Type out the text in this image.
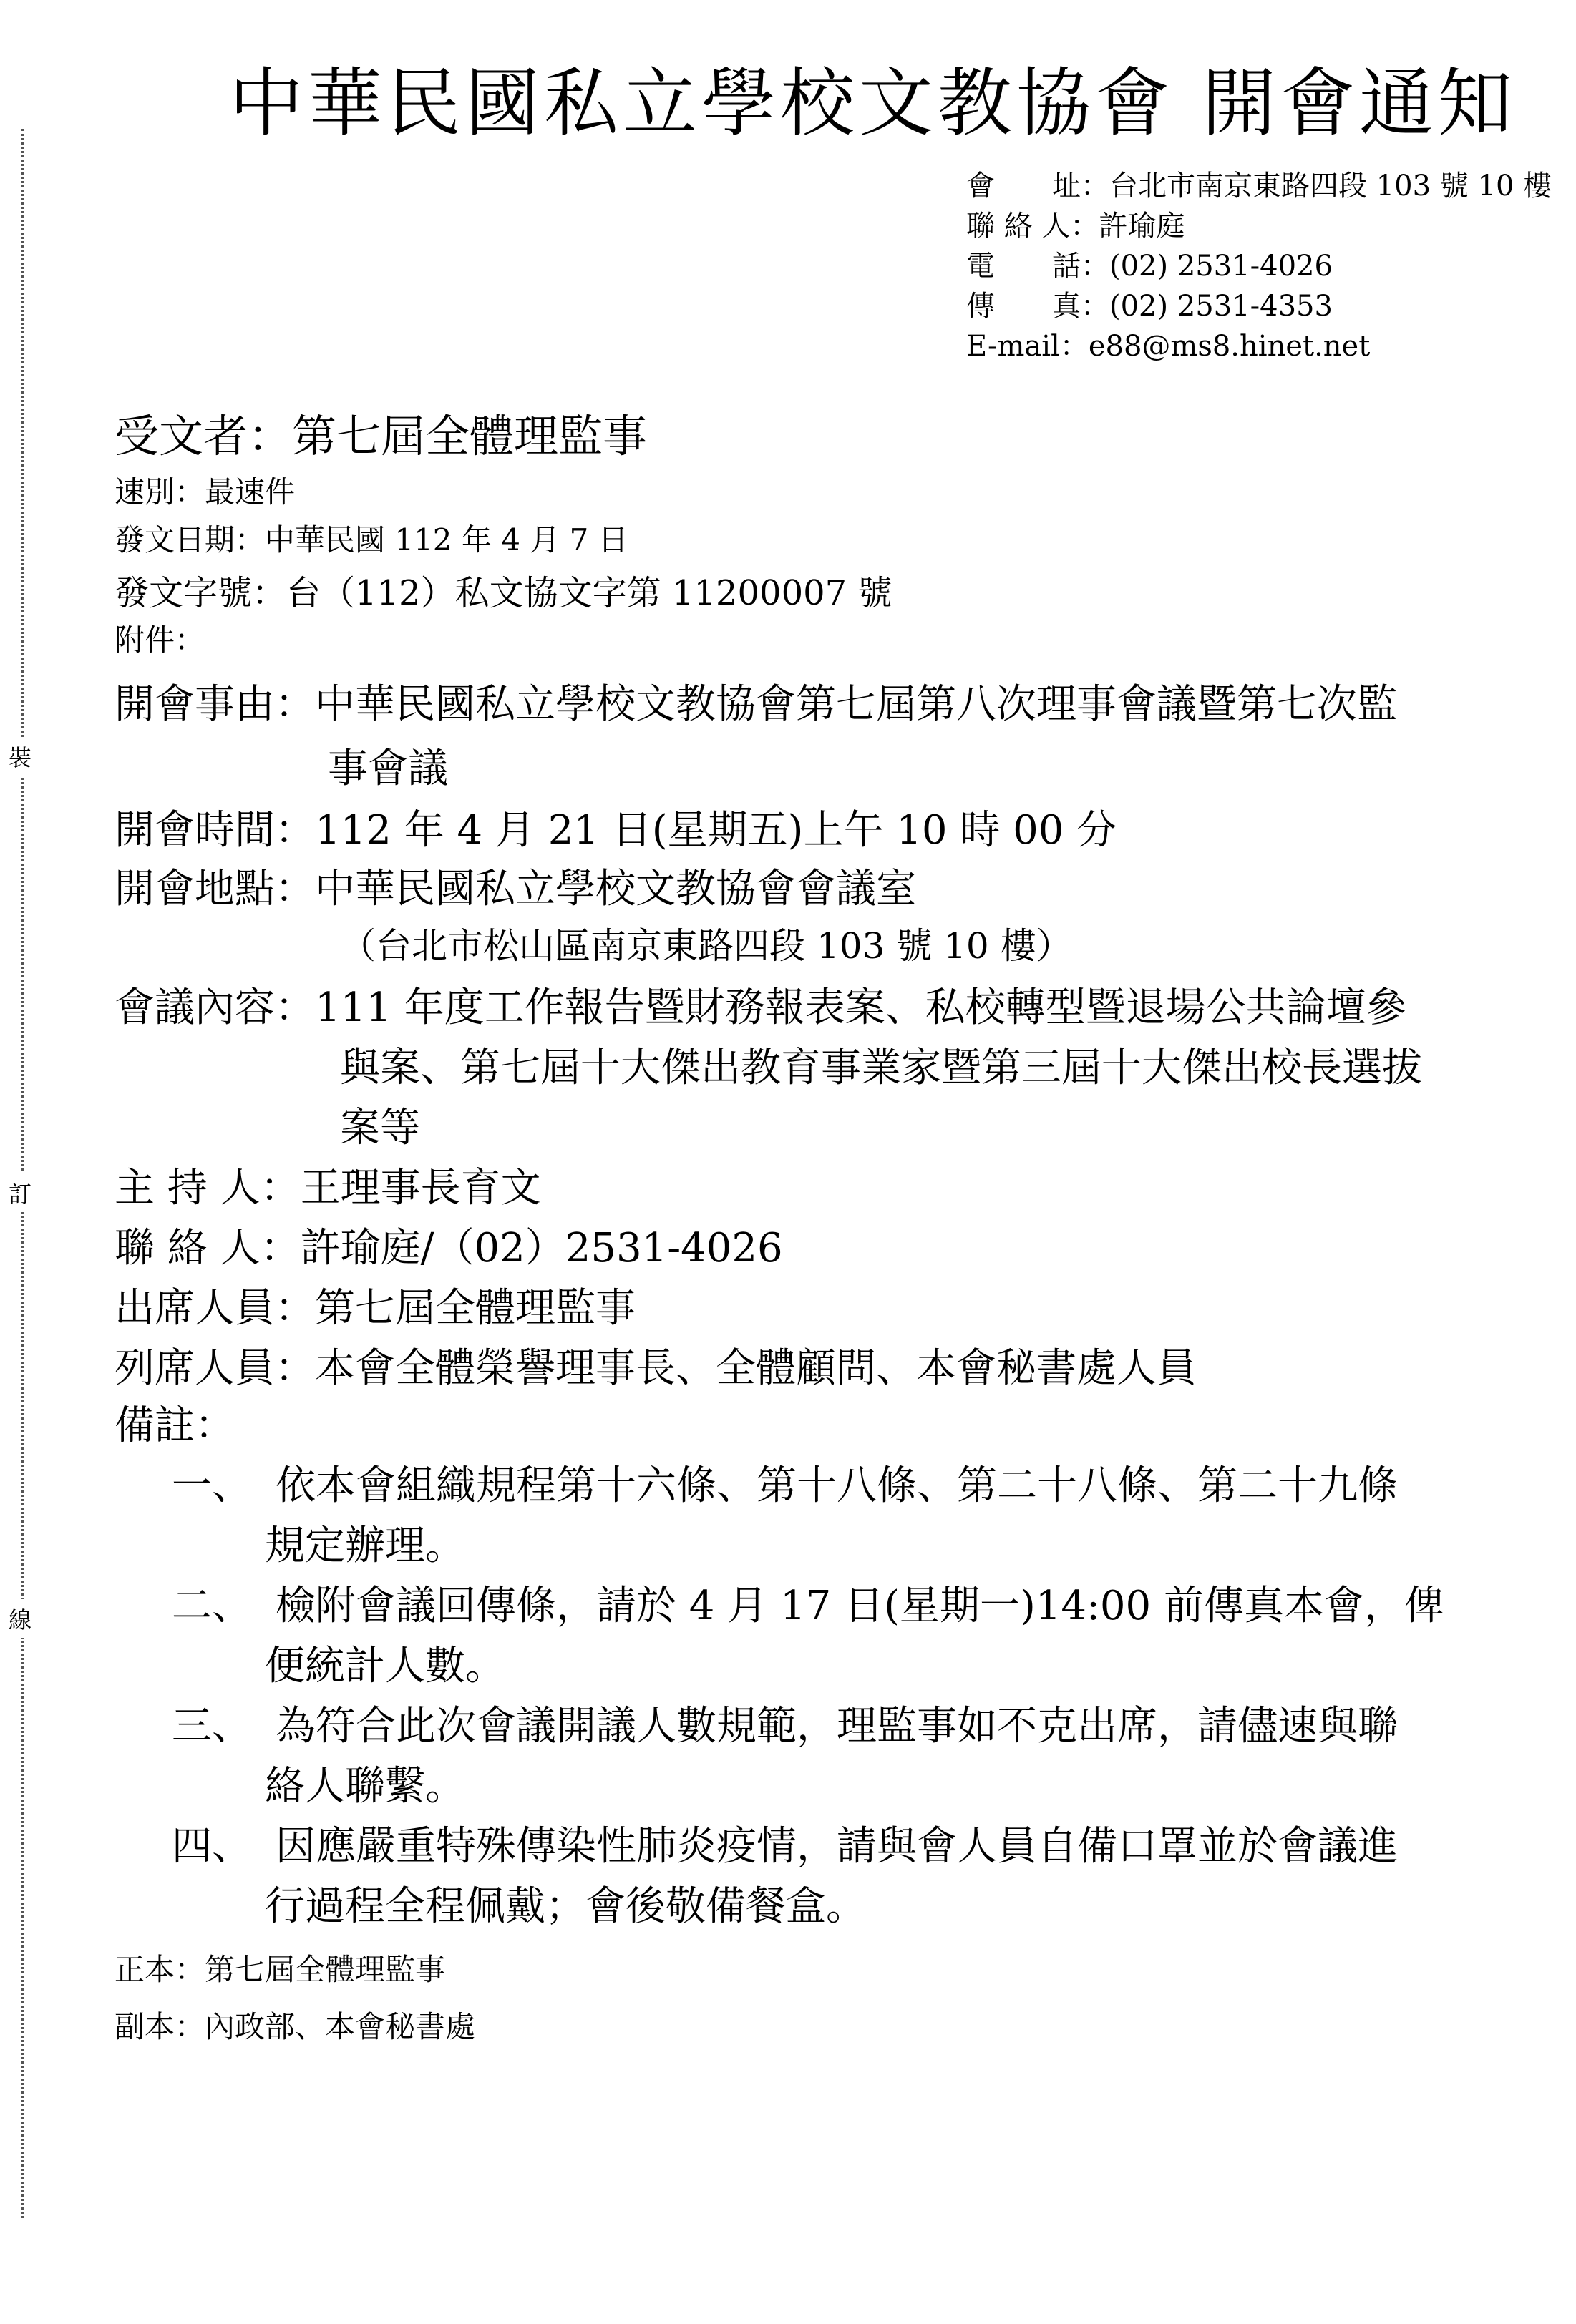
裝
訂
線
中華民國私立學校文教協會 開會通知

會　　址：台北市南京東路四段 103 號 10 樓

聯 絡 人：許瑜庭

電　　話：(02) 2531-4026

傳　　真：(02) 2531-4353

E-mail：e88@ms8.hinet.net

受文者：第七屆全體理監事

速別：最速件

發文日期：中華民國 112 年 4 月 7 日

發文字號：台（112）私文協文字第 11200007 號

附件：

開會事由：中華民國私立學校文教協會第七屆第八次理事會議暨第七次監

事會議

開會時間：112 年 4 月 21 日(星期五)上午 10 時 00 分

開會地點：中華民國私立學校文教協會會議室

（台北市松山區南京東路四段 103 號 10 樓）

會議內容：111 年度工作報告暨財務報表案、私校轉型暨退場公共論壇參

與案、第七屆十大傑出教育事業家暨第三屆十大傑出校長選拔

案等

主 持 人：王理事長育文

聯 絡 人：許瑜庭/（02）2531-4026

出席人員：第七屆全體理監事

列席人員：本會全體榮譽理事長、全體顧問、本會秘書處人員

備註：

一、 依本會組織規程第十六條、第十八條、第二十八條、第二十九條

規定辦理。

二、 檢附會議回傳條，請於 4 月 17 日(星期一)14:00 前傳真本會，俾

便統計人數。

三、 為符合此次會議開議人數規範，理監事如不克出席，請儘速與聯

絡人聯繫。

四、 因應嚴重特殊傳染性肺炎疫情，請與會人員自備口罩並於會議進

行過程全程佩戴；會後敬備餐盒。

正本：第七屆全體理監事

副本：內政部、本會秘書處
